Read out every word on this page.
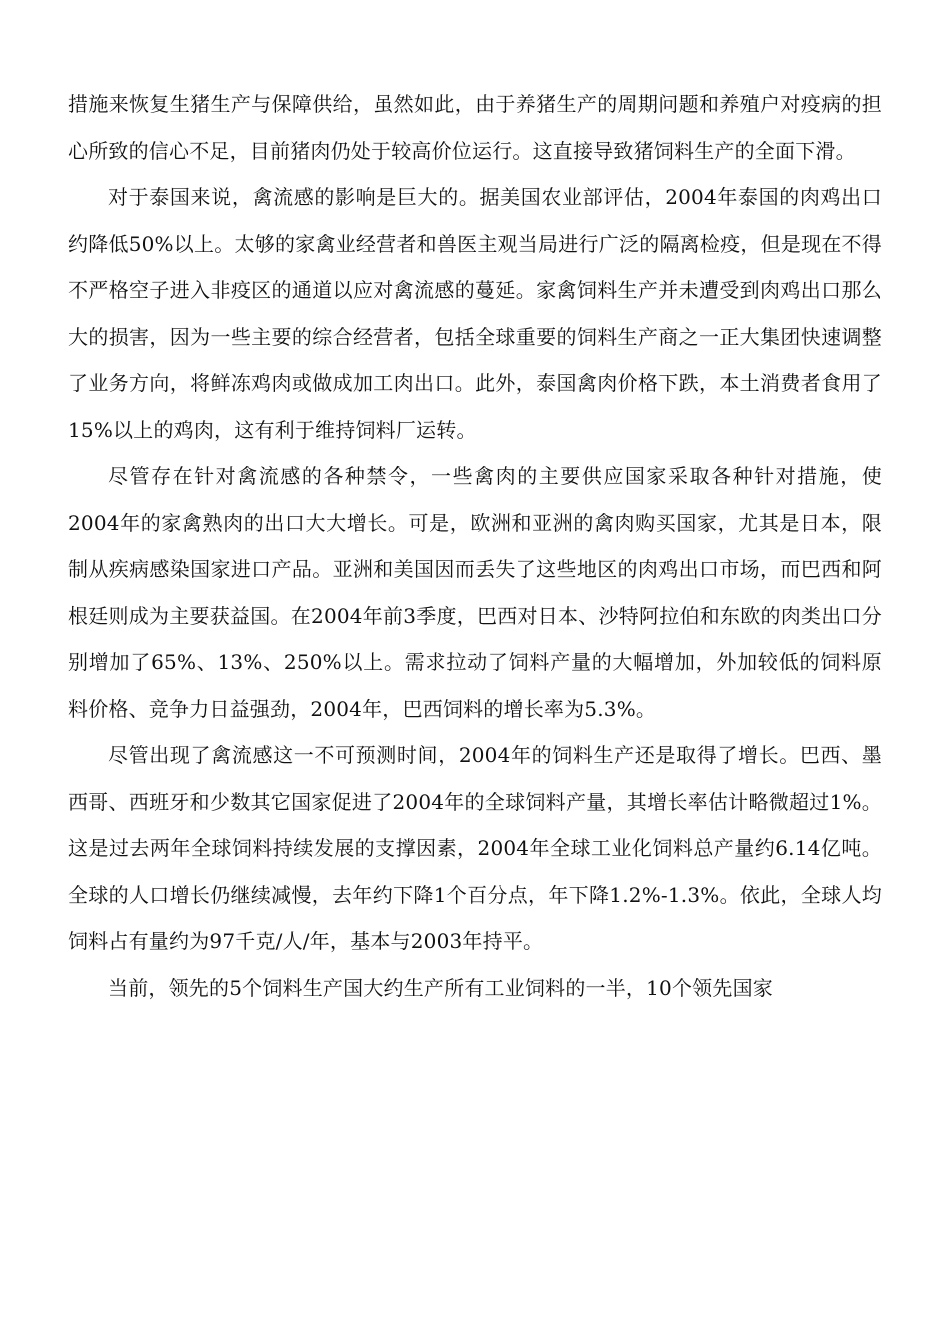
措施来恢复生猪生产与保障供给，虽然如此，由于养猪生产的周期问题和养殖户对疫病的担心所致的信心不足，目前猪肉仍处于较高价位运行。这直接导致猪饲料生产的全面下滑。

对于泰国来说，禽流感的影响是巨大的。据美国农业部评估，2004年泰国的肉鸡出口约降低50%以上。太够的家禽业经营者和兽医主观当局进行广泛的隔离检疫，但是现在不得不严格空子进入非疫区的通道以应对禽流感的蔓延。家禽饲料生产并未遭受到肉鸡出口那么大的损害，因为一些主要的综合经营者，包括全球重要的饲料生产商之一正大集团快速调整了业务方向，将鲜冻鸡肉或做成加工肉出口。此外，泰国禽肉价格下跌，本土消费者食用了15%以上的鸡肉，这有利于维持饲料厂运转。

尽管存在针对禽流感的各种禁令，一些禽肉的主要供应国家采取各种针对措施，使2004年的家禽熟肉的出口大大增长。可是，欧洲和亚洲的禽肉购买国家，尤其是日本，限制从疾病感染国家进口产品。亚洲和美国因而丢失了这些地区的肉鸡出口市场，而巴西和阿根廷则成为主要获益国。在2004年前3季度，巴西对日本、沙特阿拉伯和东欧的肉类出口分别增加了65%、13%、250%以上。需求拉动了饲料产量的大幅增加，外加较低的饲料原料价格、竞争力日益强劲，2004年，巴西饲料的增长率为5.3%。

尽管出现了禽流感这一不可预测时间，2004年的饲料生产还是取得了增长。巴西、墨西哥、西班牙和少数其它国家促进了2004年的全球饲料产量，其增长率估计略微超过1%。这是过去两年全球饲料持续发展的支撑因素，2004年全球工业化饲料总产量约6.14亿吨。全球的人口增长仍继续减慢，去年约下降1个百分点，年下降1.2%-1.3%。依此，全球人均饲料占有量约为97千克/人/年，基本与2003年持平。

当前，领先的5个饲料生产国大约生产所有工业饲料的一半，10个领先国家
